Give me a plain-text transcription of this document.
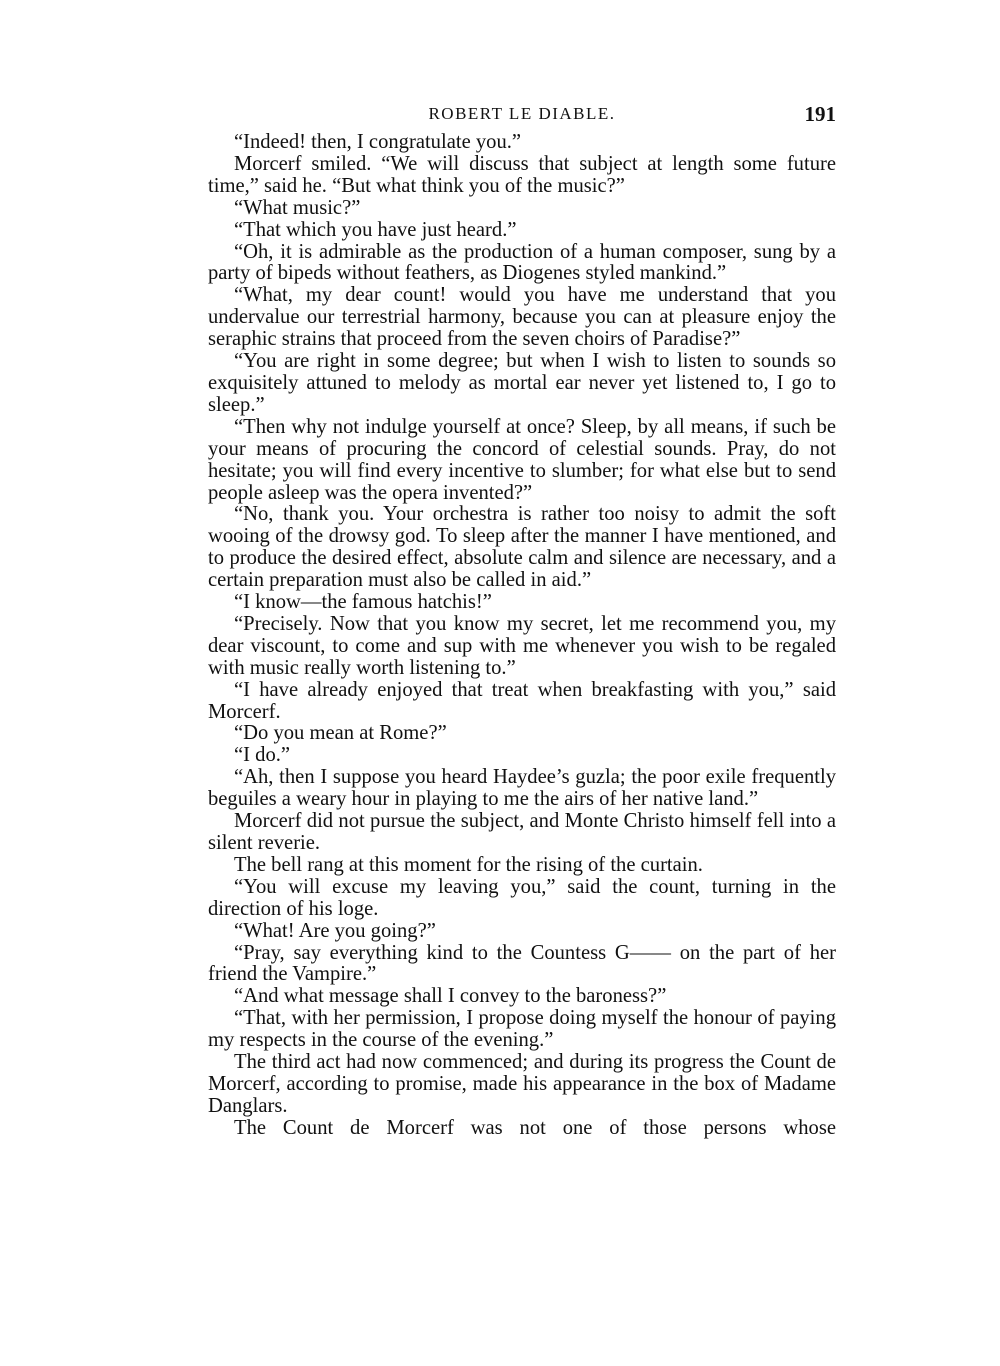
ROBERT LE DIABLE.	191

“Indeed! then, I congratulate you.”

Morcerf smiled. “We will discuss that subject at length some future time,” said he. “But what think you of the music?”

“What music?”

“That which you have just heard.”

“Oh, it is admirable as the production of a human composer, sung by a party of bipeds without feathers, as Diogenes styled mankind.”

“What, my dear count! would you have me understand that you undervalue our terrestrial harmony, because you can at pleasure enjoy the seraphic strains that proceed from the seven choirs of Paradise?”

“You are right in some degree; but when I wish to listen to sounds so exquisitely attuned to melody as mortal ear never yet listened to, I go to sleep.”

“Then why not indulge yourself at once? Sleep, by all means, if such be your means of procuring the concord of celestial sounds. Pray, do not hesitate; you will find every incentive to slumber; for what else but to send people asleep was the opera invented?”

“No, thank you. Your orchestra is rather too noisy to admit the soft wooing of the drowsy god. To sleep after the manner I have mentioned, and to produce the desired effect, absolute calm and silence are necessary, and a certain preparation must also be called in aid.”

“I know—the famous hatchis!”

“Precisely. Now that you know my secret, let me recommend you, my dear viscount, to come and sup with me whenever you wish to be regaled with music really worth listening to.”

“I have already enjoyed that treat when breakfasting with you,” said Morcerf.

“Do you mean at Rome?”

“I do.”

“Ah, then I suppose you heard Haydee’s guzla; the poor exile frequently beguiles a weary hour in playing to me the airs of her native land.”

Morcerf did not pursue the subject, and Monte Christo himself fell into a silent reverie.

The bell rang at this moment for the rising of the curtain.

“You will excuse my leaving you,” said the count, turning in the direction of his loge.

“What! Are you going?”

“Pray, say everything kind to the Countess G—— on the part of her friend the Vampire.”

“And what message shall I convey to the baroness?”

“That, with her permission, I propose doing myself the honour of paying my respects in the course of the evening.”

The third act had now commenced; and during its progress the Count de Morcerf, according to promise, made his appearance in the box of Madame Danglars.

The Count de Morcerf was not one of those persons whose
